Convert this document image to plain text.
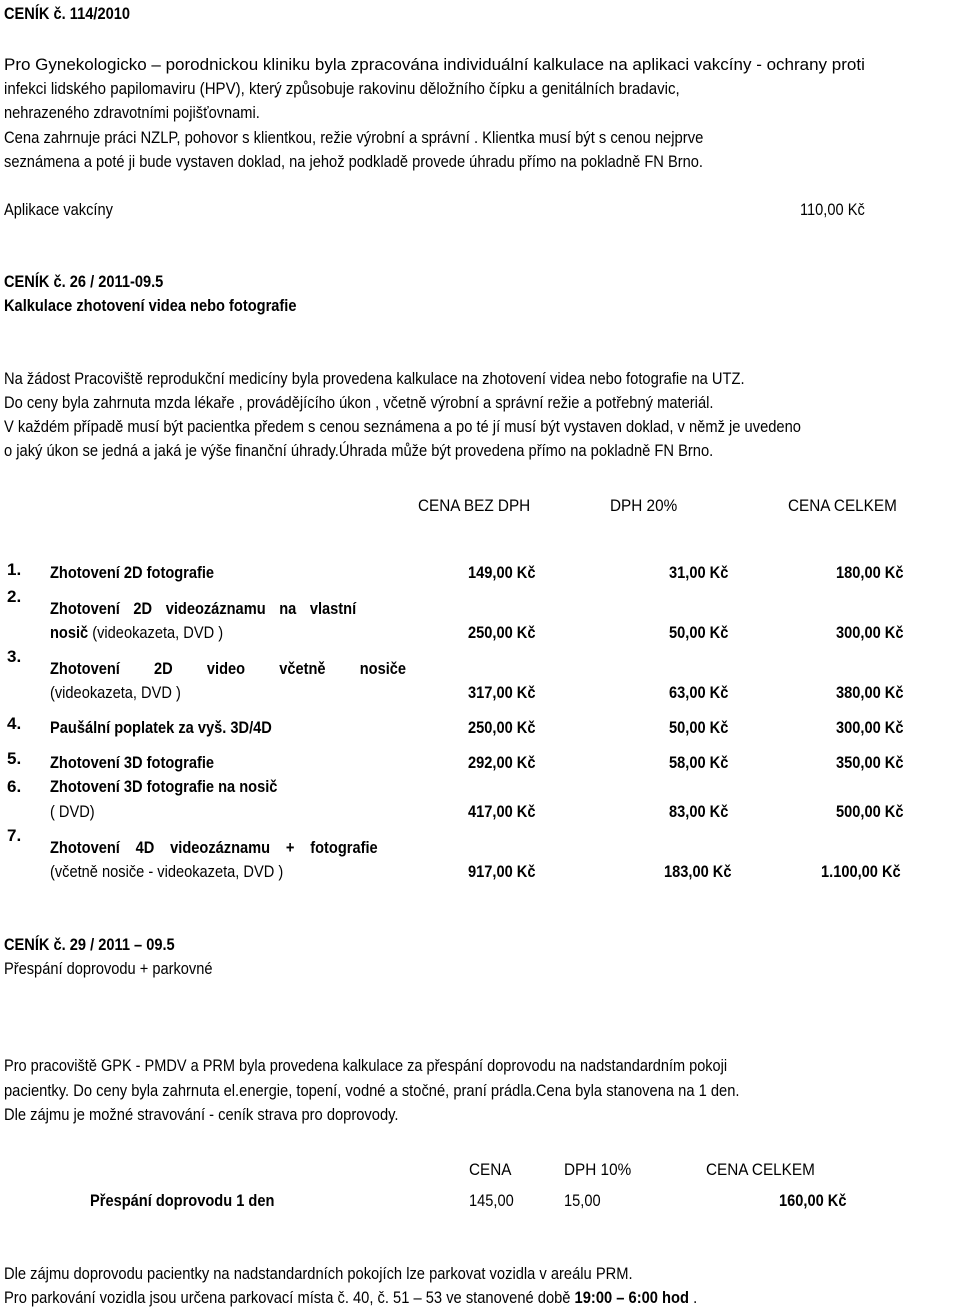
CENÍK č. 114/2010
Pro Gynekologicko – porodnickou kliniku byla zpracována individuální kalkulace na aplikaci vakcíny - ochrany proti
infekci lidského papilomaviru (HPV), který způsobuje rakovinu děložního čípku a genitálních bradavic,
nehrazeného zdravotními pojišťovnami.
Cena zahrnuje práci NZLP, pohovor s klientkou, režie výrobní a správní . Klientka musí být s cenou nejprve
seznámena a poté ji bude vystaven doklad, na jehož podkladě provede úhradu přímo na pokladně FN Brno.
Aplikace vakcíny	110,00 Kč
CENÍK č. 26 / 2011-09.5
Kalkulace zhotovení videa nebo fotografie
Na žádost Pracoviště reprodukční medicíny byla provedena kalkulace na zhotovení videa nebo fotografie na UTZ.
Do ceny byla zahrnuta mzda lékaře , provádějícího úkon , včetně výrobní a správní režie a potřebný materiál.
V každém případě musí být pacientka předem s cenou seznámena a po té jí musí být vystaven doklad, v němž je uvedeno
o jaký úkon se jedná a jaká je výše finanční úhrady.Úhrada může být provedena přímo na pokladně FN Brno.
CENA BEZ DPH	DPH 20%	CENA CELKEM
1. Zhotovení 2D fotografie	149,00 Kč	31,00 Kč	180,00 Kč
2.
Zhotovení 2D videozáznamu na vlastní
nosič (videokazeta, DVD )	250,00 Kč	50,00 Kč	300,00 Kč
3.
Zhotovení 2D video včetně nosiče
(videokazeta, DVD )	317,00 Kč	63,00 Kč	380,00 Kč
4. Paušální poplatek za vyš. 3D/4D	250,00 Kč	50,00 Kč	300,00 Kč
5. Zhotovení 3D fotografie	292,00 Kč	58,00 Kč	350,00 Kč
6. Zhotovení 3D fotografie na nosič
( DVD)	417,00 Kč	83,00 Kč	500,00 Kč
7.
Zhotovení 4D videozáznamu + fotografie
(včetně nosiče - videokazeta, DVD )	917,00 Kč	183,00 Kč	1.100,00 Kč
CENÍK č. 29 / 2011 – 09.5
Přespání doprovodu + parkovné
Pro pracoviště GPK - PMDV a PRM byla provedena kalkulace za přespání doprovodu na nadstandardním pokoji
pacientky. Do ceny byla zahrnuta el.energie, topení, vodné a stočné, praní prádla.Cena byla stanovena na 1 den.
Dle zájmu je možné stravování - ceník strava pro doprovody.
CENA	DPH 10%	CENA CELKEM
Přespání doprovodu 1 den	145,00	15,00	160,00 Kč
Dle zájmu doprovodu pacientky na nadstandardních pokojích lze parkovat vozidla v areálu PRM.
Pro parkování vozidla jsou určena parkovací místa č. 40, č. 51 – 53 ve stanovené době 19:00 – 6:00 hod .
